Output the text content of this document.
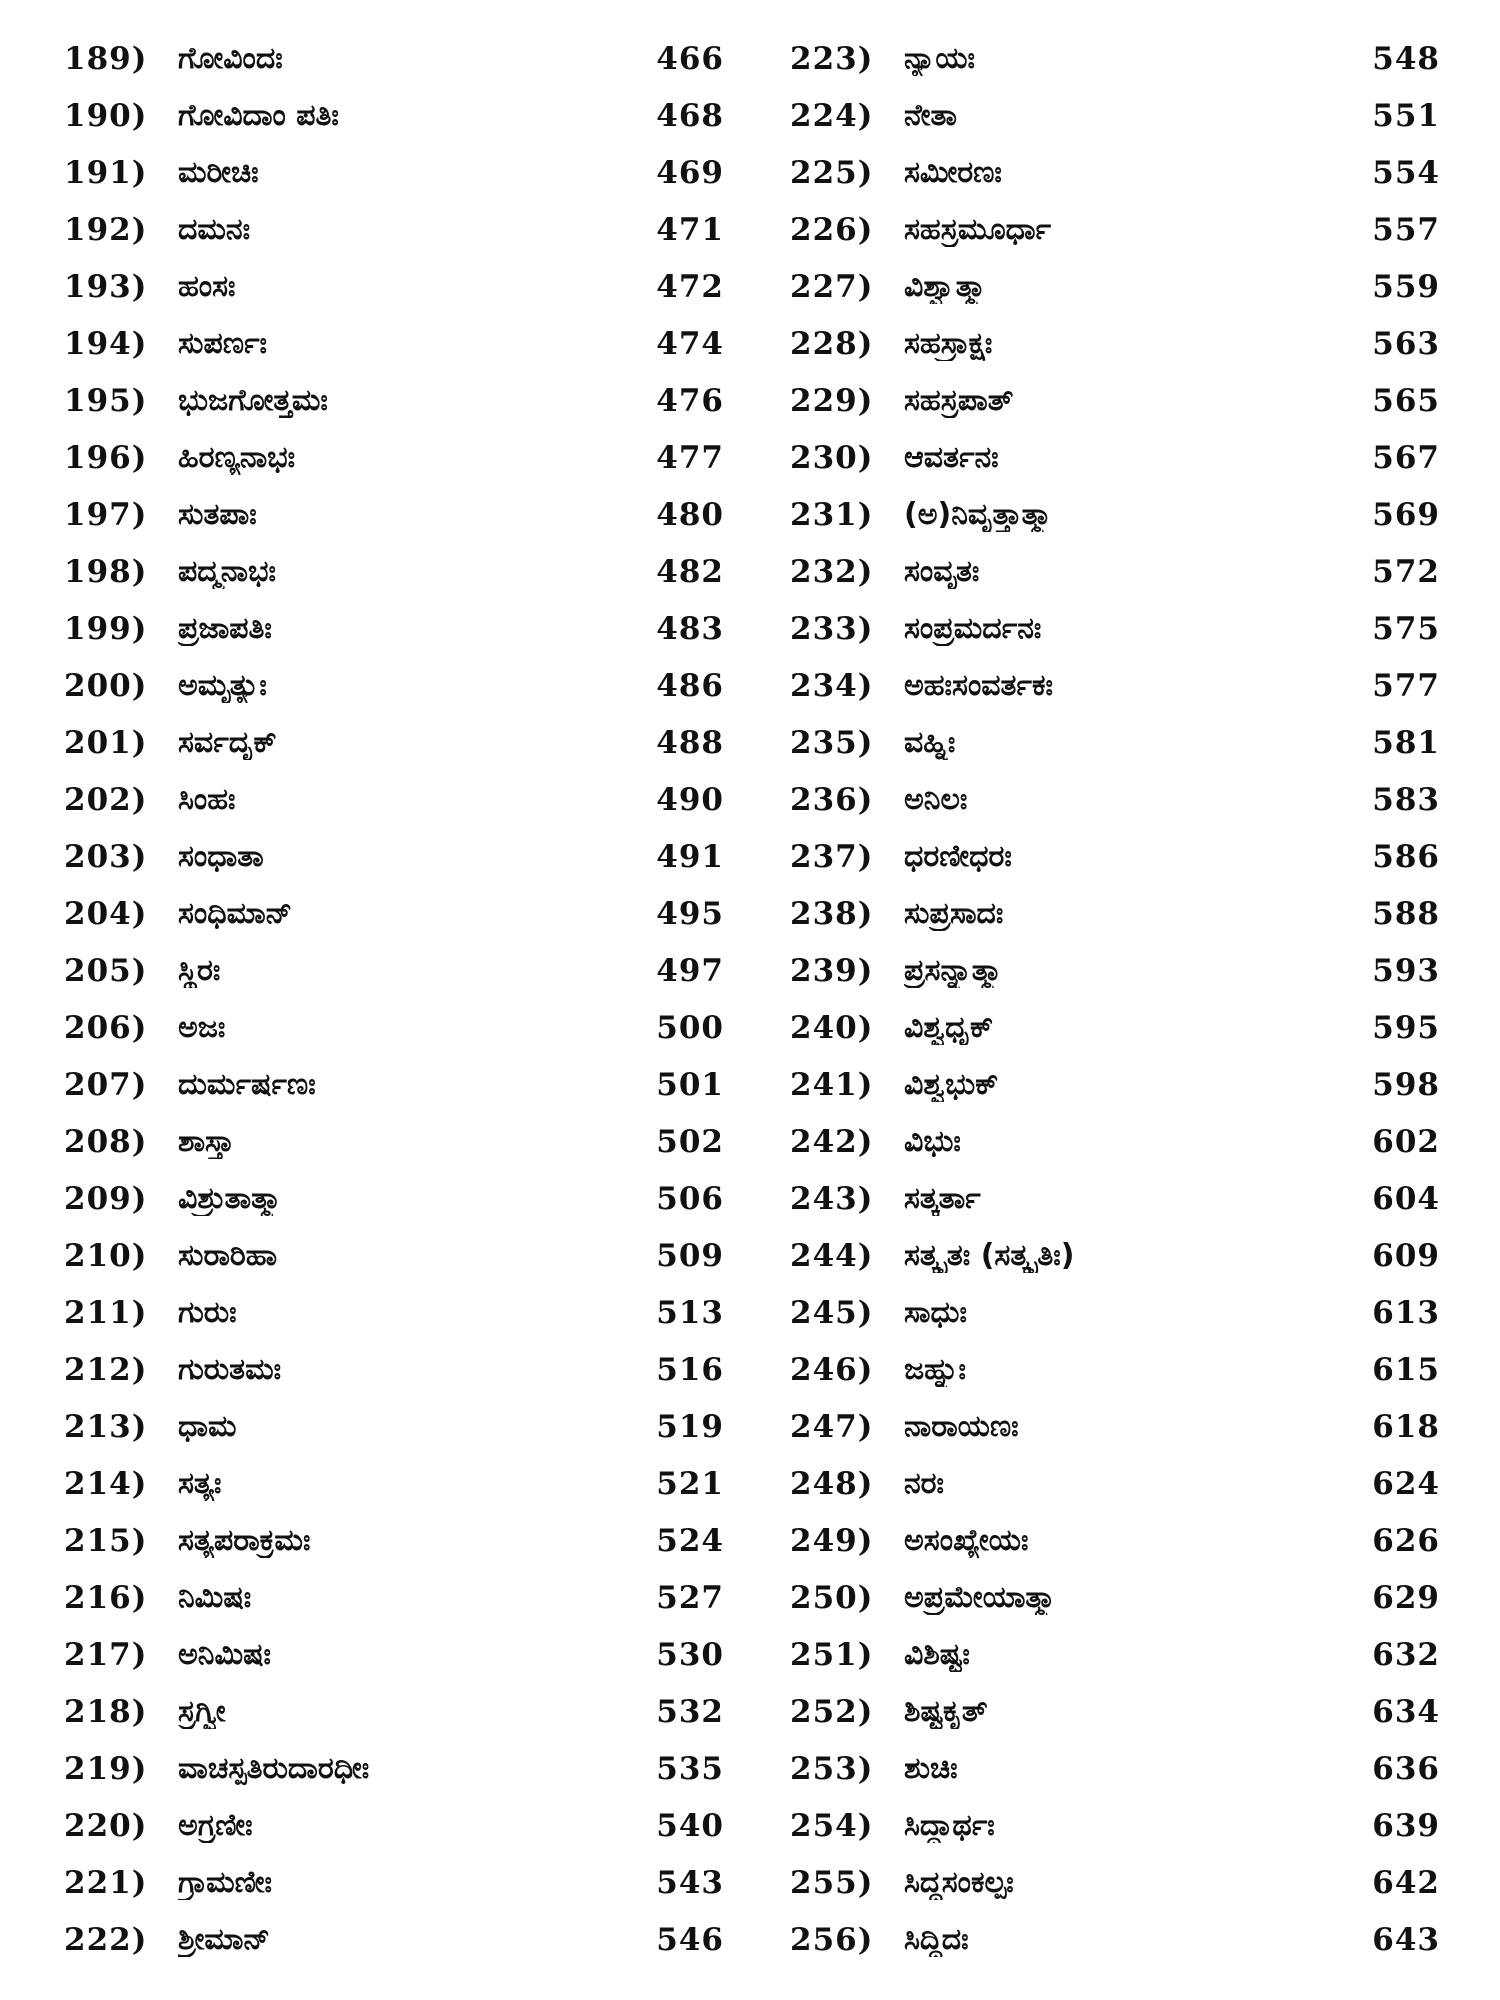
189)	ಗೋವಿಂದಃ	466
190)	ಗೋವಿದಾಂ ಪತಿಃ	468
191)	ಮರೀಚಿಃ	469
192)	ದಮನಃ	471
193)	ಹಂಸಃ	472
194)	ಸುಪರ್ಣಃ	474
195)	ಭುಜಗೋತ್ತಮಃ	476
196)	ಹಿರಣ್ಯನಾಭಃ	477
197)	ಸುತಪಾಃ	480
198)	ಪದ್ಮನಾಭಃ	482
199)	ಪ್ರಜಾಪತಿಃ	483
200)	ಅಮೃತ್ಯುಃ	486
201)	ಸರ್ವದೃಕ್	488
202)	ಸಿಂಹಃ	490
203)	ಸಂಧಾತಾ	491
204)	ಸಂಧಿಮಾನ್	495
205)	ಸ್ಥಿರಃ	497
206)	ಅಜಃ	500
207)	ದುರ್ಮರ್ಷಣಃ	501
208)	ಶಾಸ್ತಾ	502
209)	ವಿಶ್ರುತಾತ್ಮಾ	506
210)	ಸುರಾರಿಹಾ	509
211)	ಗುರುಃ	513
212)	ಗುರುತಮಃ	516
213)	ಧಾಮ	519
214)	ಸತ್ಯಃ	521
215)	ಸತ್ಯಪರಾಕ್ರಮಃ	524
216)	ನಿಮಿಷಃ	527
217)	ಅನಿಮಿಷಃ	530
218)	ಸ್ರಗ್ವೀ	532
219)	ವಾಚಸ್ಪತಿರುದಾರಧೀಃ	535
220)	ಅಗ್ರಣೀಃ	540
221)	ಗ್ರಾಮಣೀಃ	543
222)	ಶ್ರೀಮಾನ್	546
223)	ನ್ಯಾಯಃ	548
224)	ನೇತಾ	551
225)	ಸಮೀರಣಃ	554
226)	ಸಹಸ್ರಮೂರ್ಧಾ	557
227)	ವಿಶ್ವಾತ್ಮಾ	559
228)	ಸಹಸ್ರಾಕ್ಷಃ	563
229)	ಸಹಸ್ರಪಾತ್	565
230)	ಆವರ್ತನಃ	567
231)	(ಅ)ನಿವೃತ್ತಾತ್ಮಾ	569
232)	ಸಂವೃತಃ	572
233)	ಸಂಪ್ರಮರ್ದನಃ	575
234)	ಅಹಃಸಂವರ್ತಕಃ	577
235)	ವಹ್ನಿಃ	581
236)	ಅನಿಲಃ	583
237)	ಧರಣೀಧರಃ	586
238)	ಸುಪ್ರಸಾದಃ	588
239)	ಪ್ರಸನ್ನಾತ್ಮಾ	593
240)	ವಿಶ್ವಧೃಕ್	595
241)	ವಿಶ್ವಭುಕ್	598
242)	ವಿಭುಃ	602
243)	ಸತ್ಕರ್ತಾ	604
244)	ಸತ್ಕೃತಃ (ಸತ್ಕೃತಿಃ)	609
245)	ಸಾಧುಃ	613
246)	ಜಹ್ನುಃ	615
247)	ನಾರಾಯಣಃ	618
248)	ನರಃ	624
249)	ಅಸಂಖ್ಯೇಯಃ	626
250)	ಅಪ್ರಮೇಯಾತ್ಮಾ	629
251)	ವಿಶಿಷ್ಟಃ	632
252)	ಶಿಷ್ಟಕೃತ್	634
253)	ಶುಚಿಃ	636
254)	ಸಿದ್ಧಾರ್ಥಃ	639
255)	ಸಿದ್ಧಸಂಕಲ್ಪಃ	642
256)	ಸಿದ್ಧಿದಃ	643
